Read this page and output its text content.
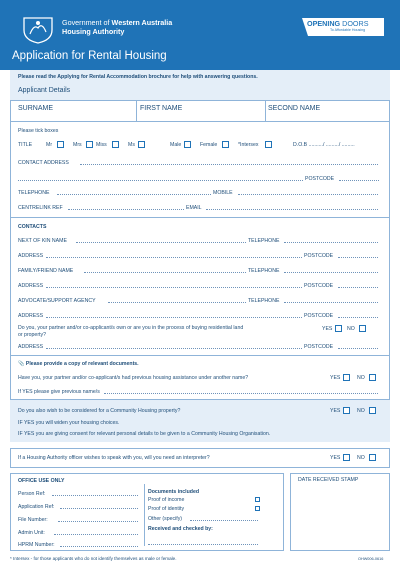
Government of Western Australia
Housing Authority
OPENING DOORS
To Affordable Housing
Application for Rental Housing
Please read the Applying for Rental Accommodation brochure for help with answering questions.
Applicant Details
SURNAME	FIRST NAME	SECOND NAME
Please tick boxes
TITLE	Mr	Mrs	Miss	Ms	Male	Female	*Intersex	D.O.B ........../ ........./ .........
CONTACT ADDRESS
POSTCODE
TELEPHONE	MOBILE
CENTRELINK REF	EMAIL
CONTACTS
NEXT OF KIN NAME	TELEPHONE
ADDRESS	POSTCODE
FAMILY/FRIEND NAME	TELEPHONE
ADDRESS	POSTCODE
ADVOCATE/SUPPORT AGENCY	TELEPHONE
ADDRESS	POSTCODE
Do you, your partner and/or co-applicant/s own or are you in the process of buying residential land
or property?
YES	NO
ADDRESS	POSTCODE
📎 Please provide a copy of relevant documents.
Have you, your partner and/or co-applicant/s had previous housing assistance under another name?	YES	NO
If YES please give previous name/s
Do you also wish to be considered for a Community Housing property?	YES	NO
IF YES you will widen your housing choices.
IF YES you are giving consent for relevant personal details to be given to a Community Housing Organisation.
If a Housing Authority officer wishes to speak with you, will you need an interpreter?	YES	NO
OFFICE USE ONLY
Person Ref:
Application Ref:
File Number:
Admin Unit:
HPRM Number:
Documents included
Proof of income
Proof of identity
Other (specify)
Received and checked by:
DATE RECEIVED STAMP
* Intersex - for those applicants who do not identify themselves as male or female.	OHW006-0616
